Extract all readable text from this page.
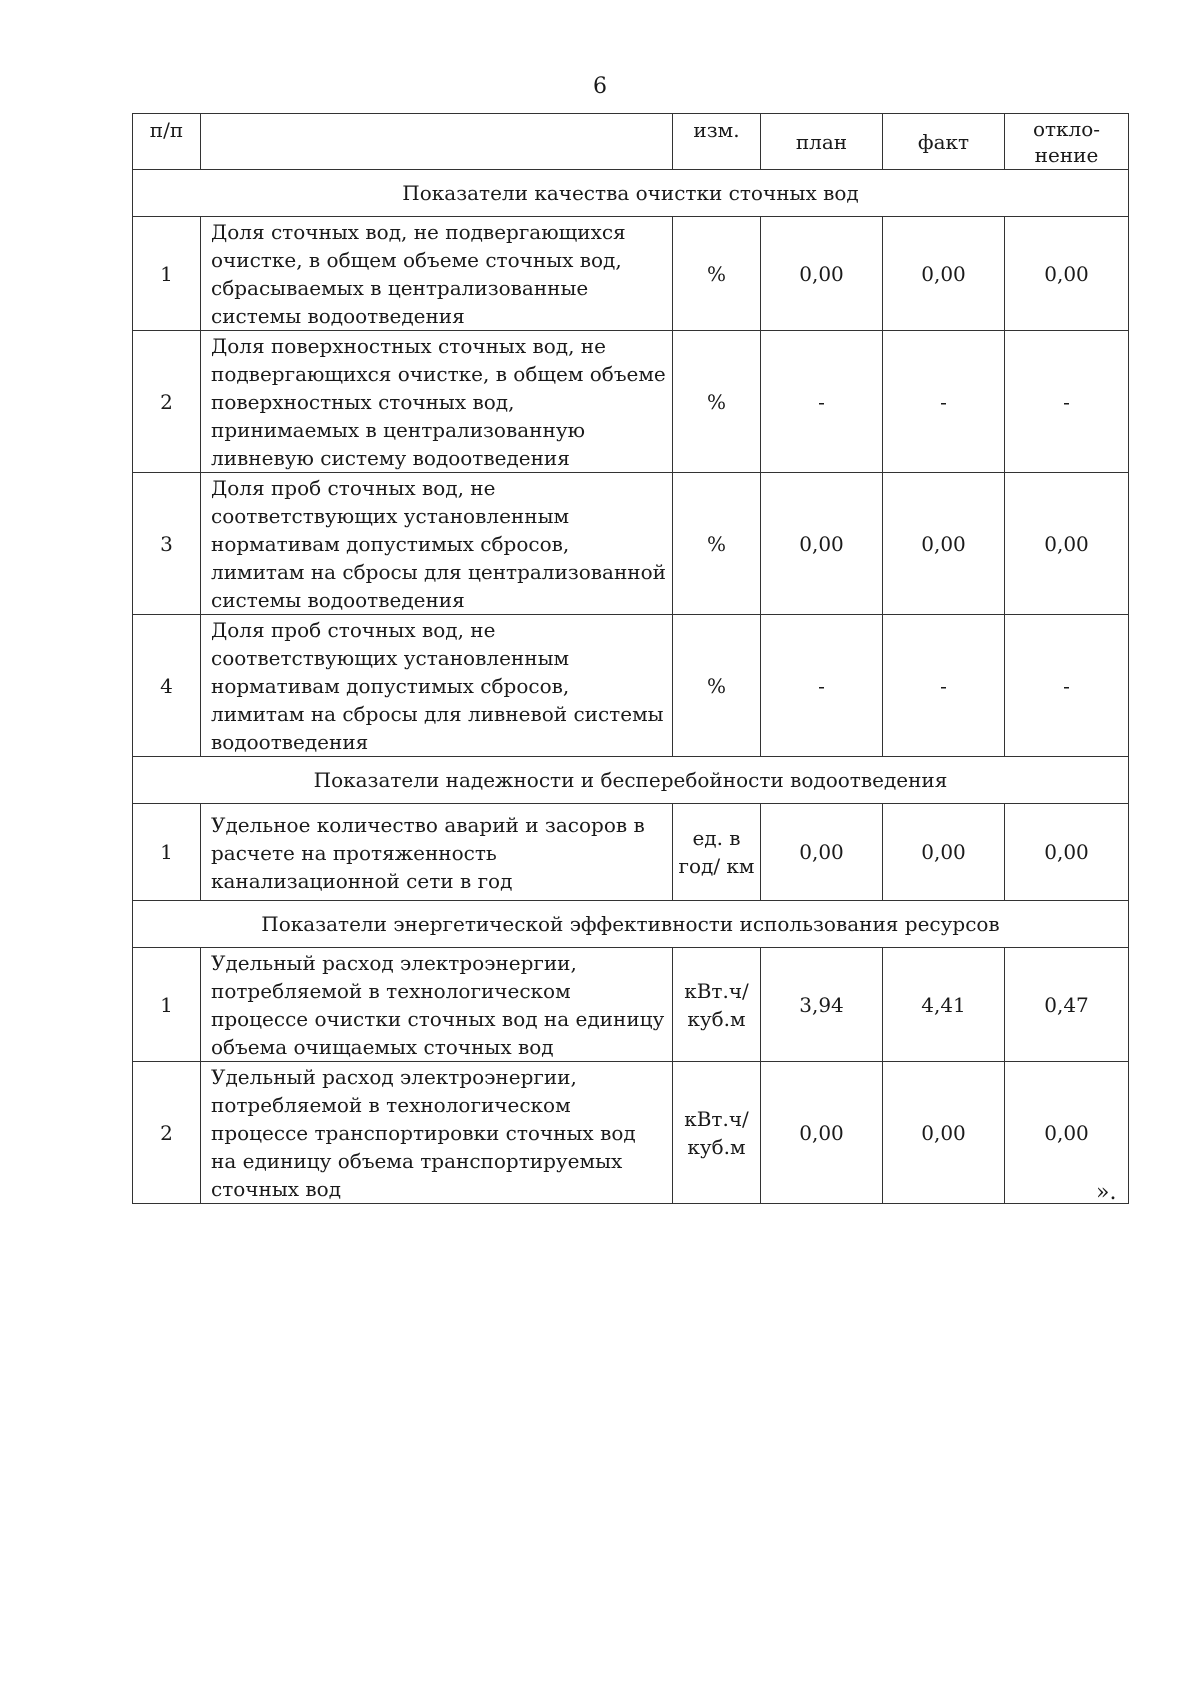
6
п/п		изм.	план	факт	откло-
нение
Показатели качества очистки сточных вод					
1	Доля сточных вод, не подвергающихся очистке, в общем объеме сточных вод, сбрасываемых в централизованные системы водоотведения	%	0,00	0,00	0,00
2	Доля поверхностных сточных вод, не подвергающихся очистке, в общем объеме поверхностных сточных вод, принимаемых в централизованную ливневую систему водоотведения	%	-	-	-
3	Доля проб сточных вод, не соответствующих установленным нормативам допустимых сбросов, лимитам на сбросы для централизованной системы водоотведения	%	0,00	0,00	0,00
4	Доля проб сточных вод, не соответствующих установленным нормативам допустимых сбросов, лимитам на сбросы для ливневой системы водоотведения	%	-	-	-
Показатели надежности и бесперебойности водоотведения					
1	Удельное количество аварий и засоров в расчете на протяженность канализационной сети в год	ед. в год/ км	0,00	0,00	0,00
Показатели энергетической эффективности использования ресурсов					
1	Удельный расход электроэнергии, потребляемой в технологическом процессе очистки сточных вод на единицу объема очищаемых сточных вод	кВт.ч/ куб.м	3,94	4,41	0,47
2	Удельный расход электроэнергии, потребляемой в технологическом процессе транспортировки сточных вод на единицу объема транспортируемых сточных вод	кВт.ч/ куб.м	0,00	0,00	0,00
».
